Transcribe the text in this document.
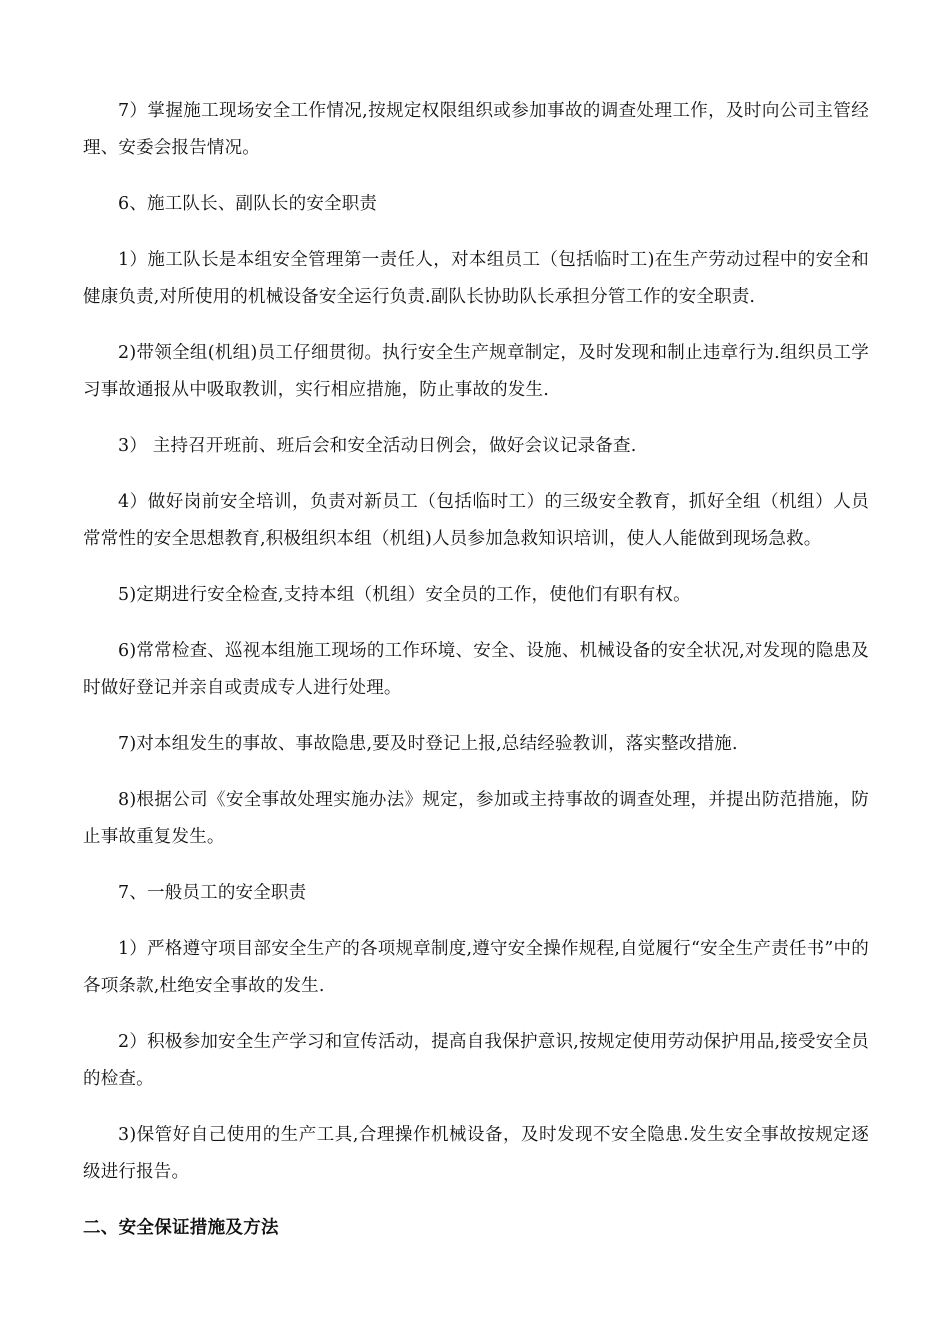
7）掌握施工现场安全工作情况,按规定权限组织或参加事故的调查处理工作，及时向公司主管经理、安委会报告情况。

6、施工队长、副队长的安全职责

1）施工队长是本组安全管理第一责任人，对本组员工（包括临时工)在生产劳动过程中的安全和健康负责,对所使用的机械设备安全运行负责.副队长协助队长承担分管工作的安全职责.

2)带领全组(机组)员工仔细贯彻。执行安全生产规章制定，及时发现和制止违章行为.组织员工学习事故通报从中吸取教训，实行相应措施，防止事故的发生.

3） 主持召开班前、班后会和安全活动日例会，做好会议记录备查.

4）做好岗前安全培训，负责对新员工（包括临时工）的三级安全教育，抓好全组（机组）人员常常性的安全思想教育,积极组织本组（机组)人员参加急救知识培训，使人人能做到现场急救。

5)定期进行安全检查,支持本组（机组）安全员的工作，使他们有职有权。

6)常常检查、巡视本组施工现场的工作环境、安全、设施、机械设备的安全状况,对发现的隐患及时做好登记并亲自或责成专人进行处理。

7)对本组发生的事故、事故隐患,要及时登记上报,总结经验教训，落实整改措施.

8)根据公司《安全事故处理实施办法》规定，参加或主持事故的调查处理，并提出防范措施，防止事故重复发生。

7、一般员工的安全职责

1）严格遵守项目部安全生产的各项规章制度,遵守安全操作规程,自觉履行“安全生产责任书”中的各项条款,杜绝安全事故的发生.

2）积极参加安全生产学习和宣传活动，提高自我保护意识,按规定使用劳动保护用品,接受安全员的检查。

3)保管好自己使用的生产工具,合理操作机械设备，及时发现不安全隐患.发生安全事故按规定逐级进行报告。

二、安全保证措施及方法
